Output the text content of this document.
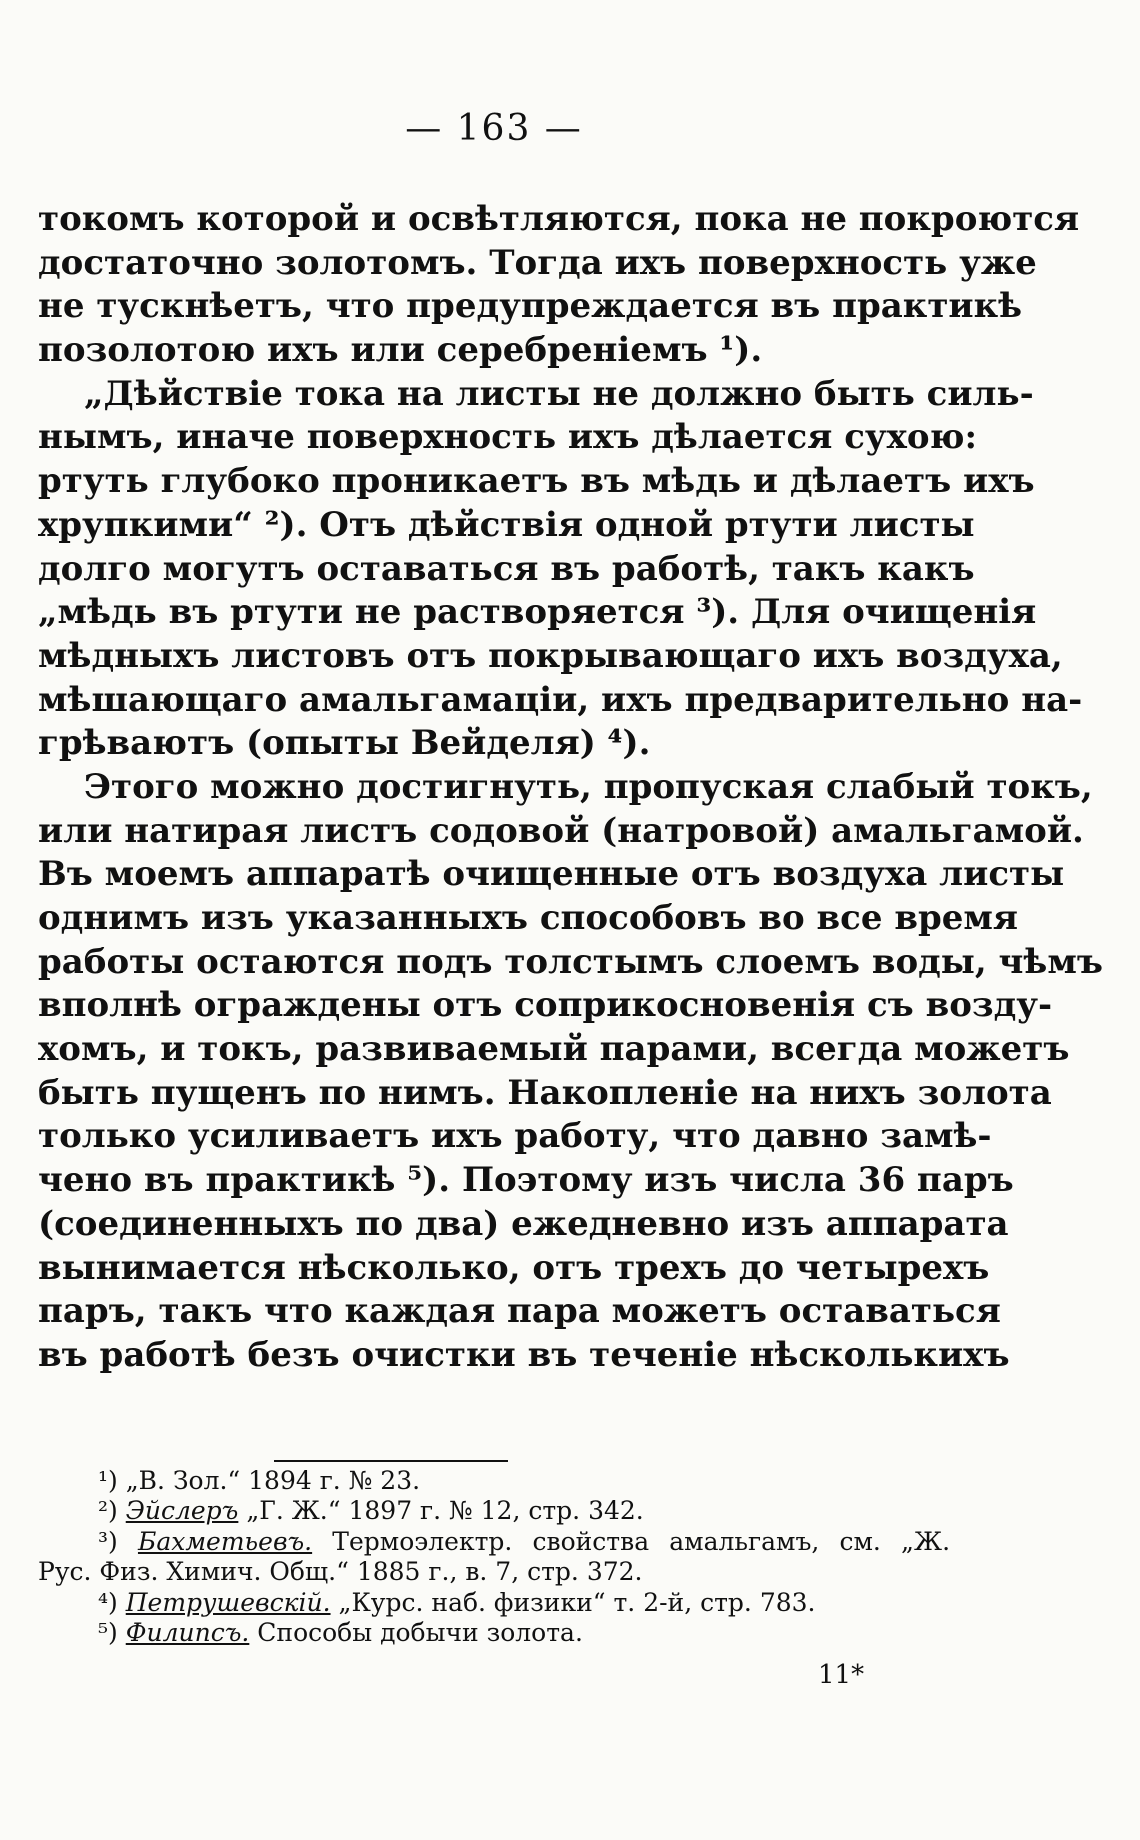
— 163 —
токомъ которой и освѣтляются, пока не покроются
достаточно золотомъ. Тогда ихъ поверхность уже
не тускнѣетъ, что предупреждается въ практикѣ
позолотою ихъ или серебреніемъ ¹).
„Дѣйствіе тока на листы не должно быть силь-
нымъ, иначе поверхность ихъ дѣлается сухою:
ртуть глубоко проникаетъ въ мѣдь и дѣлаетъ ихъ
хрупкими“ ²). Отъ дѣйствія одной ртути листы
долго могутъ оставаться въ работѣ, такъ какъ
„мѣдь въ ртути не растворяется ³). Для очищенія
мѣдныхъ листовъ отъ покрывающаго ихъ воздуха,
мѣшающаго амальгамаціи, ихъ предварительно на-
грѣваютъ (опыты Вейделя) ⁴).
Этого можно достигнуть, пропуская слабый токъ,
или натирая листъ содовой (натровой) амальгамой.
Въ моемъ аппаратѣ очищенные отъ воздуха листы
однимъ изъ указанныхъ способовъ во все время
работы остаются подъ толстымъ слоемъ воды, чѣмъ
вполнѣ ограждены отъ соприкосновенія съ возду-
хомъ, и токъ, развиваемый парами, всегда можетъ
быть пущенъ по нимъ. Накопленіе на нихъ золота
только усиливаетъ ихъ работу, что давно замѣ-
чено въ практикѣ ⁵). Поэтому изъ числа 36 паръ
(соединенныхъ по два) ежедневно изъ аппарата
вынимается нѣсколько, отъ трехъ до четырехъ
паръ, такъ что каждая пара можетъ оставаться
въ работѣ безъ очистки въ теченіе нѣсколькихъ
¹) „В. Зол.“ 1894 г. № 23.
²) Эйслеръ „Г. Ж.“ 1897 г. № 12, стр. 342.
³) Бахметьевъ. Термоэлектр. свойства амальгамъ, см. „Ж.
Рус. Физ. Химич. Общ.“ 1885 г., в. 7, стр. 372.
⁴) Петрушевскій. „Курс. наб. физики“ т. 2-й, стр. 783.
⁵) Филипсъ. Способы добычи золота.
11*
